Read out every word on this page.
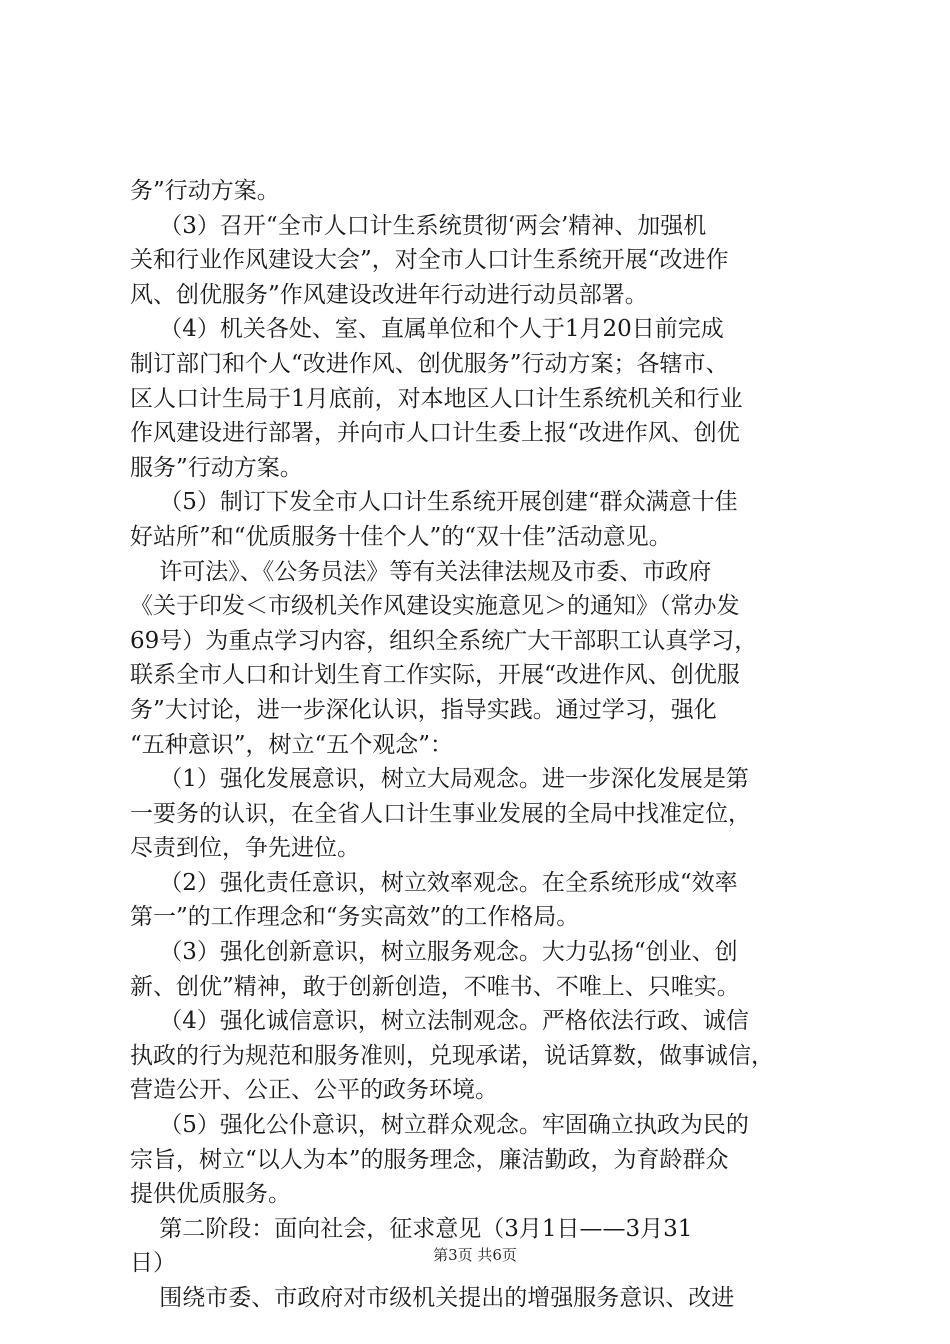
务”行动方案。
（3）召开“全市人口计生系统贯彻‘两会’精神、加强机
关和行业作风建设大会”，对全市人口计生系统开展“改进作
风、创优服务”作风建设改进年行动进行动员部署。
（4）机关各处、室、直属单位和个人于1月20日前完成
制订部门和个人“改进作风、创优服务”行动方案；各辖市、
区人口计生局于1月底前，对本地区人口计生系统机关和行业
作风建设进行部署，并向市人口计生委上报“改进作风、创优
服务”行动方案。
（5）制订下发全市人口计生系统开展创建“群众满意十佳
好站所”和“优质服务十佳个人”的“双十佳”活动意见。
许可法》、《公务员法》等有关法律法规及市委、市政府
《关于印发＜市级机关作风建设实施意见＞的通知》（常办发
69号）为重点学习内容，组织全系统广大干部职工认真学习，
联系全市人口和计划生育工作实际，开展“改进作风、创优服
务”大讨论，进一步深化认识，指导实践。通过学习，强化
“五种意识”，树立“五个观念”：
（1）强化发展意识，树立大局观念。进一步深化发展是第
一要务的认识，在全省人口计生事业发展的全局中找准定位，
尽责到位，争先进位。
（2）强化责任意识，树立效率观念。在全系统形成“效率
第一”的工作理念和“务实高效”的工作格局。
（3）强化创新意识，树立服务观念。大力弘扬“创业、创
新、创优”精神，敢于创新创造，不唯书、不唯上、只唯实。
（4）强化诚信意识，树立法制观念。严格依法行政、诚信
执政的行为规范和服务准则，兑现承诺，说话算数，做事诚信，
营造公开、公正、公平的政务环境。
（5）强化公仆意识，树立群众观念。牢固确立执政为民的
宗旨，树立“以人为本”的服务理念，廉洁勤政，为育龄群众
提供优质服务。
第二阶段：面向社会，征求意见（3月1日——3月31
日）
围绕市委、市政府对市级机关提出的增强服务意识、改进
第3页 共6页
